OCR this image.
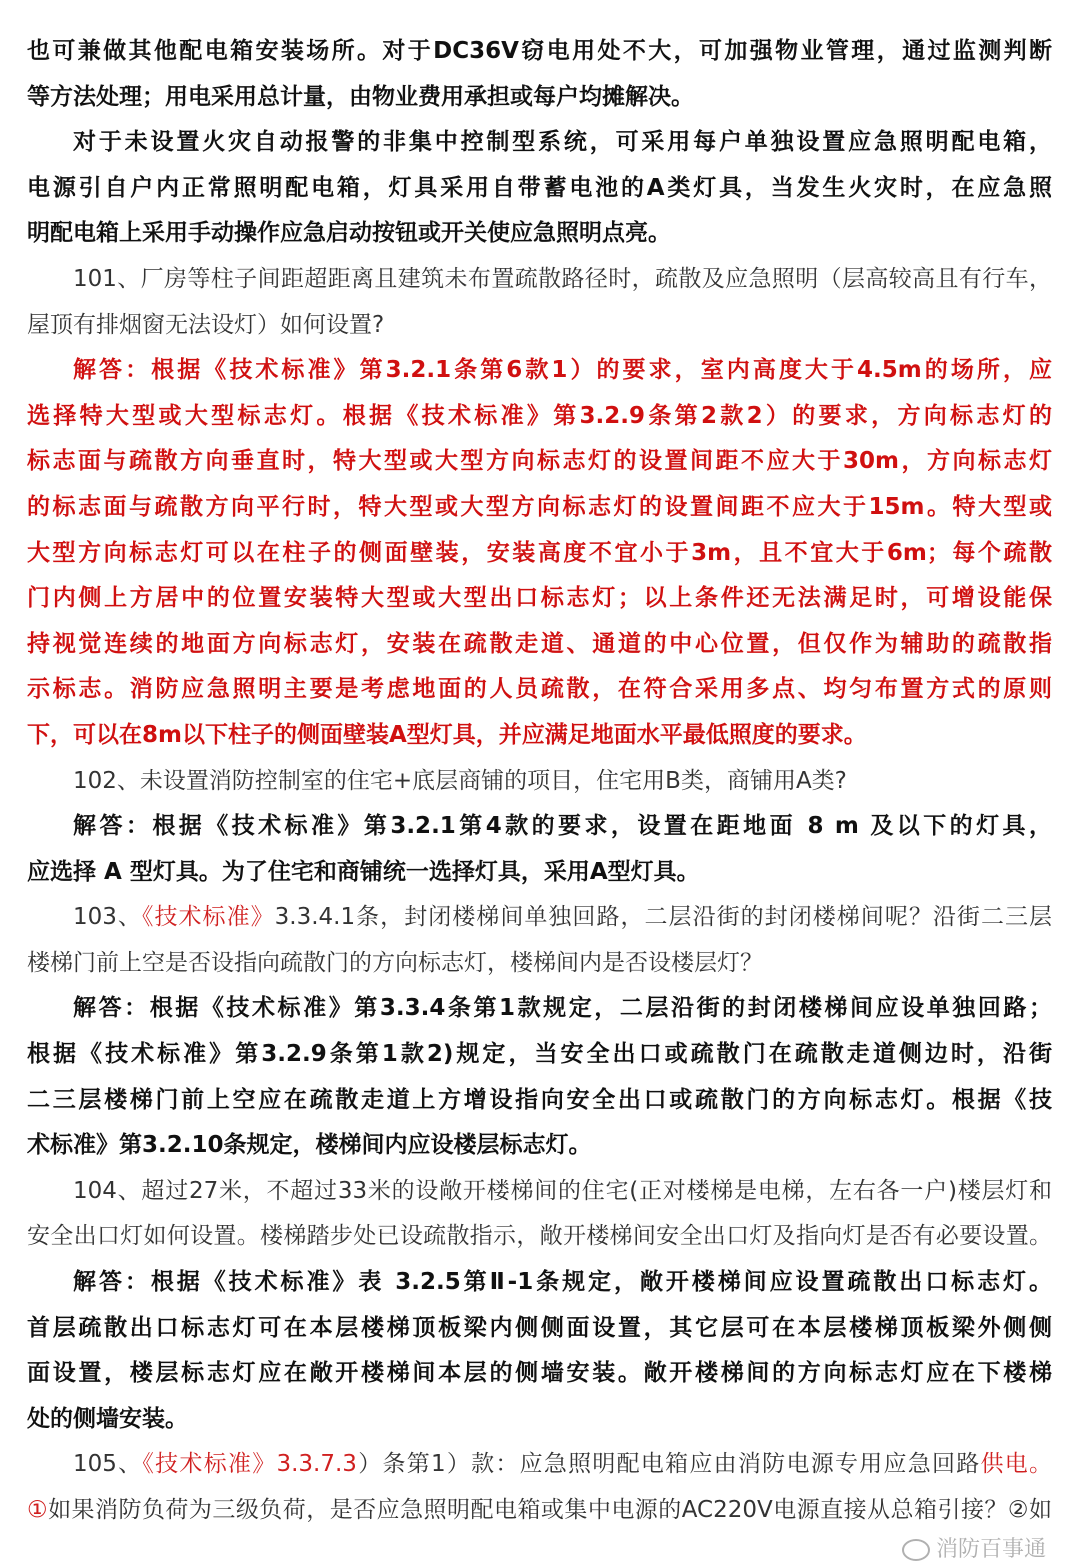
也可兼做其他配电箱安装场所。对于DC36V窃电用处不大，可加强物业管理，通过监测判断
等方法处理；用电采用总计量，由物业费用承担或每户均摊解决。
对于未设置火灾自动报警的非集中控制型系统，可采用每户单独设置应急照明配电箱，
电源引自户内正常照明配电箱，灯具采用自带蓄电池的A类灯具，当发生火灾时，在应急照
明配电箱上采用手动操作应急启动按钮或开关使应急照明点亮。
101、厂房等柱子间距超距离且建筑未布置疏散路径时，疏散及应急照明（层高较高且有行车，
屋顶有排烟窗无法设灯）如何设置?
解答：根据《技术标准》第3.2.1条第6款1）的要求，室内高度大于4.5m的场所，应
选择特大型或大型标志灯。根据《技术标准》第3.2.9条第2款2）的要求，方向标志灯的
标志面与疏散方向垂直时，特大型或大型方向标志灯的设置间距不应大于30m，方向标志灯
的标志面与疏散方向平行时，特大型或大型方向标志灯的设置间距不应大于15m。特大型或
大型方向标志灯可以在柱子的侧面壁装，安装高度不宜小于3m，且不宜大于6m；每个疏散
门内侧上方居中的位置安装特大型或大型出口标志灯；以上条件还无法满足时，可增设能保
持视觉连续的地面方向标志灯，安装在疏散走道、通道的中心位置，但仅作为辅助的疏散指
示标志。消防应急照明主要是考虑地面的人员疏散，在符合采用多点、均匀布置方式的原则
下，可以在8m以下柱子的侧面壁装A型灯具，并应满足地面水平最低照度的要求。
102、未设置消防控制室的住宅+底层商铺的项目，住宅用B类，商铺用A类?
解答：根据《技术标准》第3.2.1第4款的要求，设置在距地面 8 m 及以下的灯具，
应选择 A 型灯具。为了住宅和商铺统一选择灯具，采用A型灯具。
103、《技术标准》3.3.4.1条，封闭楼梯间单独回路，二层沿街的封闭楼梯间呢？沿街二三层
楼梯门前上空是否设指向疏散门的方向标志灯，楼梯间内是否设楼层灯？
解答：根据《技术标准》第3.3.4条第1款规定，二层沿街的封闭楼梯间应设单独回路；
根据《技术标准》第3.2.9条第1款2)规定，当安全出口或疏散门在疏散走道侧边时，沿街
二三层楼梯门前上空应在疏散走道上方增设指向安全出口或疏散门的方向标志灯。根据《技
术标准》第3.2.10条规定，楼梯间内应设楼层标志灯。
104、超过27米，不超过33米的设敞开楼梯间的住宅(正对楼梯是电梯，左右各一户)楼层灯和
安全出口灯如何设置。楼梯踏步处已设疏散指示，敞开楼梯间安全出口灯及指向灯是否有必要设置。
解答：根据《技术标准》表 3.2.5第Ⅱ-1条规定，敞开楼梯间应设置疏散出口标志灯。
首层疏散出口标志灯可在本层楼梯顶板梁内侧侧面设置，其它层可在本层楼梯顶板梁外侧侧
面设置，楼层标志灯应在敞开楼梯间本层的侧墙安装。敞开楼梯间的方向标志灯应在下楼梯
处的侧墙安装。
105、《技术标准》3.3.7.3）条第1）款：应急照明配电箱应由消防电源专用应急回路供电。
①如果消防负荷为三级负荷，是否应急照明配电箱或集中电源的AC220V电源直接从总箱引接？②如
消防百事通
